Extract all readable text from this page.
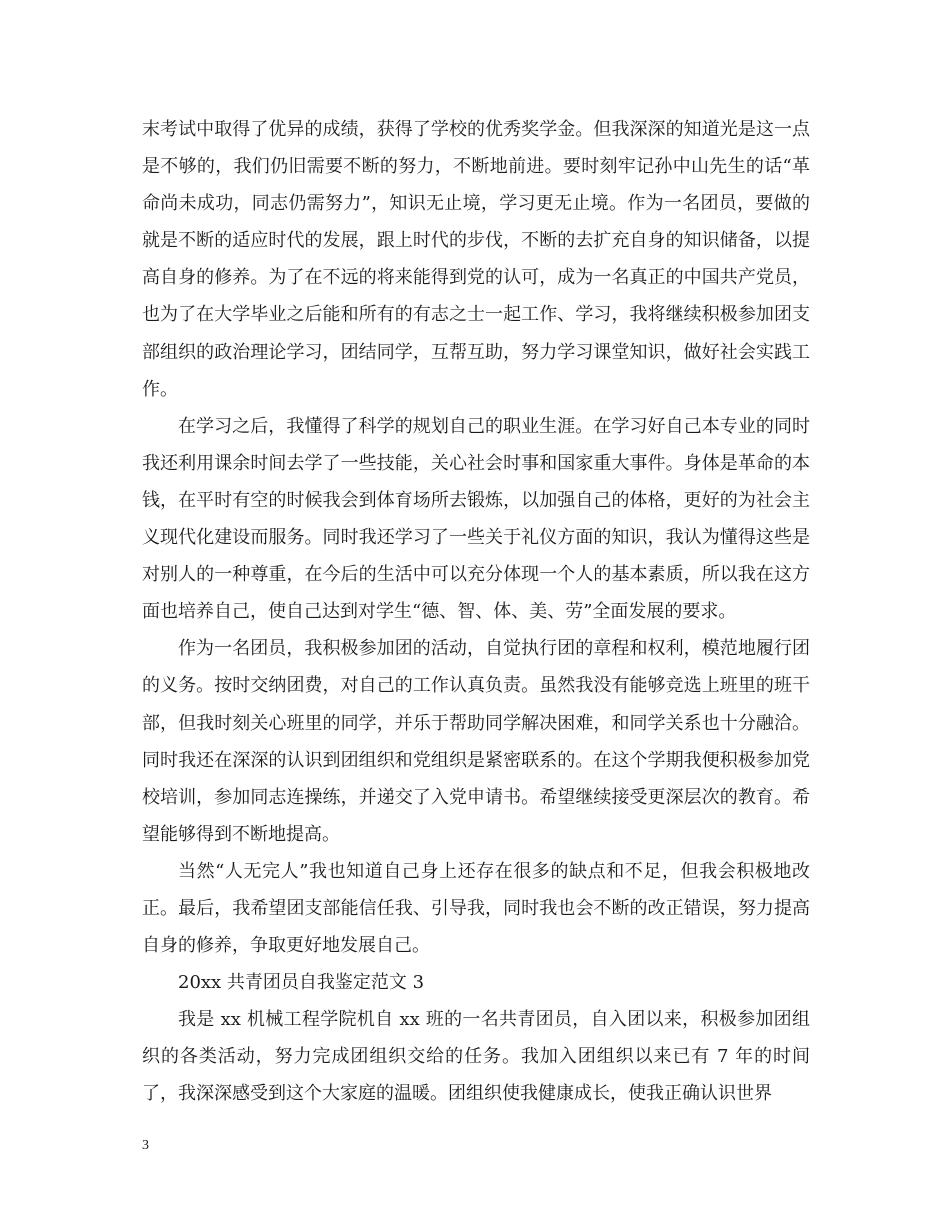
末考试中取得了优异的成绩，获得了学校的优秀奖学金。但我深深的知道光是这一点是不够的，我们仍旧需要不断的努力，不断地前进。要时刻牢记孙中山先生的话“革命尚未成功，同志仍需努力”，知识无止境，学习更无止境。作为一名团员，要做的就是不断的适应时代的发展，跟上时代的步伐，不断的去扩充自身的知识储备，以提高自身的修养。为了在不远的将来能得到党的认可，成为一名真正的中国共产党员，也为了在大学毕业之后能和所有的有志之士一起工作、学习，我将继续积极参加团支部组织的政治理论学习，团结同学，互帮互助，努力学习课堂知识，做好社会实践工作。

在学习之后，我懂得了科学的规划自己的职业生涯。在学习好自己本专业的同时我还利用课余时间去学了一些技能，关心社会时事和国家重大事件。身体是革命的本钱，在平时有空的时候我会到体育场所去锻炼，以加强自己的体格，更好的为社会主义现代化建设而服务。同时我还学习了一些关于礼仪方面的知识，我认为懂得这些是对别人的一种尊重，在今后的生活中可以充分体现一个人的基本素质，所以我在这方面也培养自己，使自己达到对学生“德、智、体、美、劳”全面发展的要求。

作为一名团员，我积极参加团的活动，自觉执行团的章程和权利，模范地履行团的义务。按时交纳团费，对自己的工作认真负责。虽然我没有能够竞选上班里的班干部，但我时刻关心班里的同学，并乐于帮助同学解决困难，和同学关系也十分融洽。同时我还在深深的认识到团组织和党组织是紧密联系的。在这个学期我便积极参加党校培训，参加同志连操练，并递交了入党申请书。希望继续接受更深层次的教育。希望能够得到不断地提高。

当然“人无完人”我也知道自己身上还存在很多的缺点和不足，但我会积极地改正。最后，我希望团支部能信任我、引导我，同时我也会不断的改正错误，努力提高自身的修养，争取更好地发展自己。

20xx 共青团员自我鉴定范文 3

我是 xx 机械工程学院机自 xx 班的一名共青团员，自入团以来，积极参加团组织的各类活动，努力完成团组织交给的任务。我加入团组织以来已有 7 年的时间了，我深深感受到这个大家庭的温暖。团组织使我健康成长，使我正确认识世界

3
